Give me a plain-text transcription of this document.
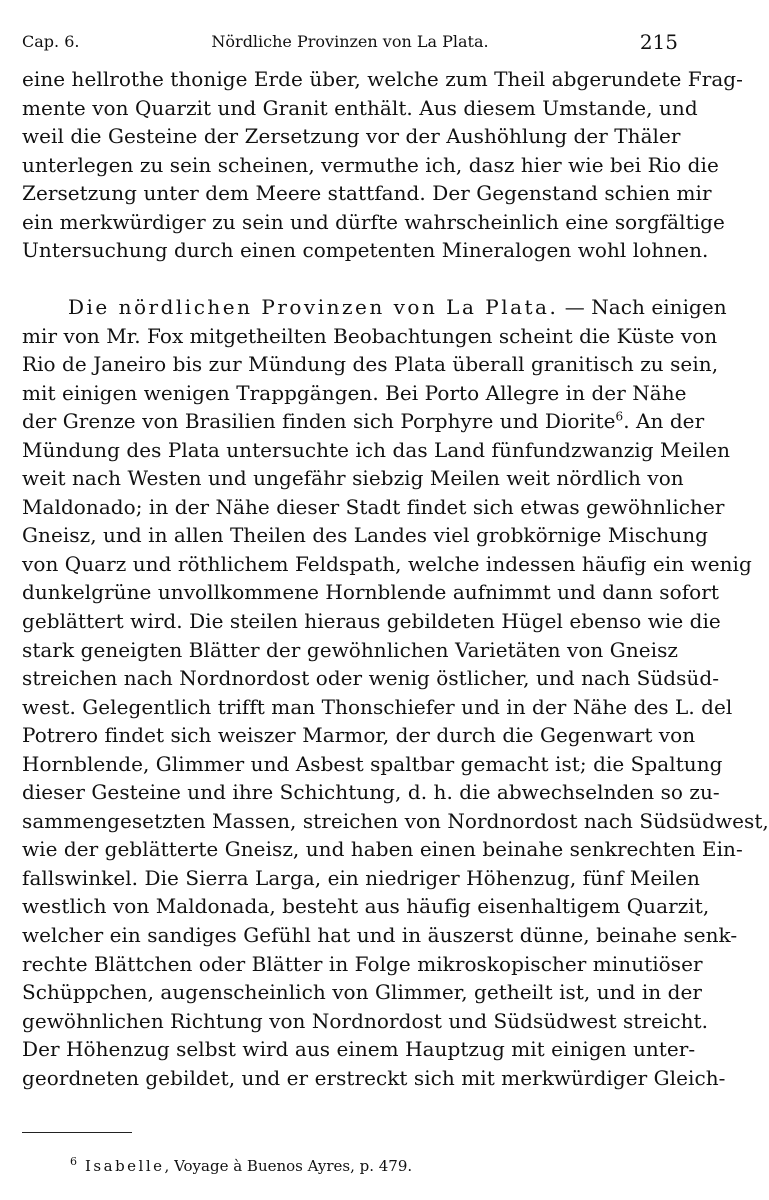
Cap. 6.	Nördliche Provinzen von La Plata.	215
eine hellrothe thonige Erde über, welche zum Theil abgerundete Frag-
mente von Quarzit und Granit enthält. Aus diesem Umstande, und
weil die Gesteine der Zersetzung vor der Aushöhlung der Thäler
unterlegen zu sein scheinen, vermuthe ich, dasz hier wie bei Rio die
Zersetzung unter dem Meere stattfand. Der Gegenstand schien mir
ein merkwürdiger zu sein und dürfte wahrscheinlich eine sorgfältige
Untersuchung durch einen competenten Mineralogen wohl lohnen.
Die nördlichen Provinzen von La Plata. — Nach einigen
mir von Mr. Fox mitgetheilten Beobachtungen scheint die Küste von
Rio de Janeiro bis zur Mündung des Plata überall granitisch zu sein,
mit einigen wenigen Trappgängen. Bei Porto Allegre in der Nähe
der Grenze von Brasilien finden sich Porphyre und Diorite$^6$. An der
Mündung des Plata untersuchte ich das Land fünfundzwanzig Meilen
weit nach Westen und ungefähr siebzig Meilen weit nördlich von
Maldonado; in der Nähe dieser Stadt findet sich etwas gewöhnlicher
Gneisz, und in allen Theilen des Landes viel grobkörnige Mischung
von Quarz und röthlichem Feldspath, welche indessen häufig ein wenig
dunkelgrüne unvollkommene Hornblende aufnimmt und dann sofort
geblättert wird. Die steilen hieraus gebildeten Hügel ebenso wie die
stark geneigten Blätter der gewöhnlichen Varietäten von Gneisz
streichen nach Nordnordost oder wenig östlicher, und nach Südsüd-
west. Gelegentlich trifft man Thonschiefer und in der Nähe des L. del
Potrero findet sich weiszer Marmor, der durch die Gegenwart von
Hornblende, Glimmer und Asbest spaltbar gemacht ist; die Spaltung
dieser Gesteine und ihre Schichtung, d. h. die abwechselnden so zu-
sammengesetzten Massen, streichen von Nordnordost nach Südsüdwest,
wie der geblätterte Gneisz, und haben einen beinahe senkrechten Ein-
fallswinkel. Die Sierra Larga, ein niedriger Höhenzug, fünf Meilen
westlich von Maldonada, besteht aus häufig eisenhaltigem Quarzit,
welcher ein sandiges Gefühl hat und in äuszerst dünne, beinahe senk-
rechte Blättchen oder Blätter in Folge mikroskopischer minutiöser
Schüppchen, augenscheinlich von Glimmer, getheilt ist, und in der
gewöhnlichen Richtung von Nordnordost und Südsüdwest streicht.
Der Höhenzug selbst wird aus einem Hauptzug mit einigen unter-
geordneten gebildet, und er erstreckt sich mit merkwürdiger Gleich-
$^6$ Isabelle, Voyage à Buenos Ayres, p. 479.
